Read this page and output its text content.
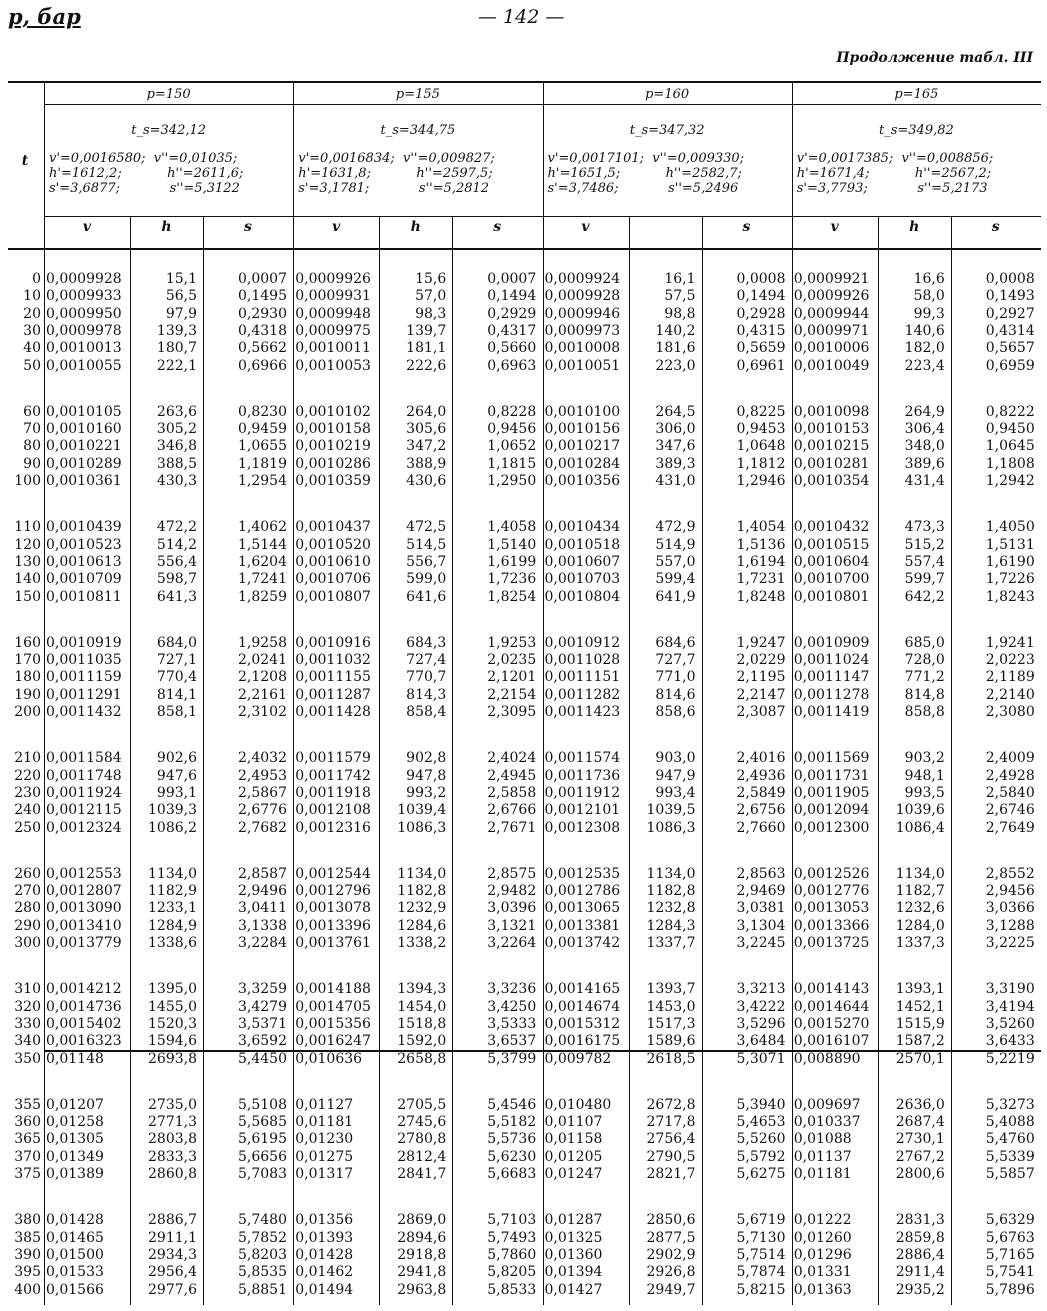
p, бар	— 142 —
Продолжение табл. III
t
p=150
t_s=342,12
v'=0,0016580;  v''=0,01035;
h'=1612,2;           h''=2611,6;
s'=3,6877;            s''=5,3122
v	h	s
p=155
t_s=344,75
v'=0,0016834;  v''=0,009827;
h'=1631,8;           h''=2597,5;
s'=3,1781;            s''=5,2812
v	h	s
p=160
t_s=347,32
v'=0,0017101;  v''=0,009330;
h'=1651,5;           h''=2582,7;
s'=3,7486;            s''=5,2496
v	s
p=165
t_s=349,82
v'=0,0017385;  v''=0,008856;
h'=1671,4;           h''=2567,2;
s'=3,7793;            s''=5,2173
v	h	s
0 0,0009928	15,1	0,0007 0,0009926	15,6	0,0007 0,0009924	16,1	0,0008 0,0009921	16,6	0,0008
10 0,0009933	56,5	0,1495 0,0009931	57,0	0,1494 0,0009928	57,5	0,1494 0,0009926	58,0	0,1493
20 0,0009950	97,9	0,2930 0,0009948	98,3	0,2929 0,0009946	98,8	0,2928 0,0009944	99,3	0,2927
30 0,0009978	139,3	0,4318 0,0009975	139,7	0,4317 0,0009973	140,2	0,4315 0,0009971	140,6	0,4314
40 0,0010013	180,7	0,5662 0,0010011	181,1	0,5660 0,0010008	181,6	0,5659 0,0010006	182,0	0,5657
50 0,0010055	222,1	0,6966 0,0010053	222,6	0,6963 0,0010051	223,0	0,6961 0,0010049	223,4	0,6959
60 0,0010105	263,6	0,8230 0,0010102	264,0	0,8228 0,0010100	264,5	0,8225 0,0010098	264,9	0,8222
70 0,0010160	305,2	0,9459 0,0010158	305,6	0,9456 0,0010156	306,0	0,9453 0,0010153	306,4	0,9450
80 0,0010221	346,8	1,0655 0,0010219	347,2	1,0652 0,0010217	347,6	1,0648 0,0010215	348,0	1,0645
90 0,0010289	388,5	1,1819 0,0010286	388,9	1,1815 0,0010284	389,3	1,1812 0,0010281	389,6	1,1808
100 0,0010361	430,3	1,2954 0,0010359	430,6	1,2950 0,0010356	431,0	1,2946 0,0010354	431,4	1,2942
110 0,0010439	472,2	1,4062 0,0010437	472,5	1,4058 0,0010434	472,9	1,4054 0,0010432	473,3	1,4050
120 0,0010523	514,2	1,5144 0,0010520	514,5	1,5140 0,0010518	514,9	1,5136 0,0010515	515,2	1,5131
130 0,0010613	556,4	1,6204 0,0010610	556,7	1,6199 0,0010607	557,0	1,6194 0,0010604	557,4	1,6190
140 0,0010709	598,7	1,7241 0,0010706	599,0	1,7236 0,0010703	599,4	1,7231 0,0010700	599,7	1,7226
150 0,0010811	641,3	1,8259 0,0010807	641,6	1,8254 0,0010804	641,9	1,8248 0,0010801	642,2	1,8243
160 0,0010919	684,0	1,9258 0,0010916	684,3	1,9253 0,0010912	684,6	1,9247 0,0010909	685,0	1,9241
170 0,0011035	727,1	2,0241 0,0011032	727,4	2,0235 0,0011028	727,7	2,0229 0,0011024	728,0	2,0223
180 0,0011159	770,4	2,1208 0,0011155	770,7	2,1201 0,0011151	771,0	2,1195 0,0011147	771,2	2,1189
190 0,0011291	814,1	2,2161 0,0011287	814,3	2,2154 0,0011282	814,6	2,2147 0,0011278	814,8	2,2140
200 0,0011432	858,1	2,3102 0,0011428	858,4	2,3095 0,0011423	858,6	2,3087 0,0011419	858,8	2,3080
210 0,0011584	902,6	2,4032 0,0011579	902,8	2,4024 0,0011574	903,0	2,4016 0,0011569	903,2	2,4009
220 0,0011748	947,6	2,4953 0,0011742	947,8	2,4945 0,0011736	947,9	2,4936 0,0011731	948,1	2,4928
230 0,0011924	993,1	2,5867 0,0011918	993,2	2,5858 0,0011912	993,4	2,5849 0,0011905	993,5	2,5840
240 0,0012115	1039,3	2,6776 0,0012108	1039,4	2,6766 0,0012101	1039,5	2,6756 0,0012094	1039,6	2,6746
250 0,0012324	1086,2	2,7682 0,0012316	1086,3	2,7671 0,0012308	1086,3	2,7660 0,0012300	1086,4	2,7649
260 0,0012553	1134,0	2,8587 0,0012544	1134,0	2,8575 0,0012535	1134,0	2,8563 0,0012526	1134,0	2,8552
270 0,0012807	1182,9	2,9496 0,0012796	1182,8	2,9482 0,0012786	1182,8	2,9469 0,0012776	1182,7	2,9456
280 0,0013090	1233,1	3,0411 0,0013078	1232,9	3,0396 0,0013065	1232,8	3,0381 0,0013053	1232,6	3,0366
290 0,0013410	1284,9	3,1338 0,0013396	1284,6	3,1321 0,0013381	1284,3	3,1304 0,0013366	1284,0	3,1288
300 0,0013779	1338,6	3,2284 0,0013761	1338,2	3,2264 0,0013742	1337,7	3,2245 0,0013725	1337,3	3,2225
310 0,0014212	1395,0	3,3259 0,0014188	1394,3	3,3236 0,0014165	1393,7	3,3213 0,0014143	1393,1	3,3190
320 0,0014736	1455,0	3,4279 0,0014705	1454,0	3,4250 0,0014674	1453,0	3,4222 0,0014644	1452,1	3,4194
330 0,0015402	1520,3	3,5371 0,0015356	1518,8	3,5333 0,0015312	1517,3	3,5296 0,0015270	1515,9	3,5260
340 0,0016323	1594,6	3,6592 0,0016247	1592,0	3,6537 0,0016175	1589,6	3,6484 0,0016107	1587,2	3,6433
350 0,01148	2693,8	5,4450 0,010636	2658,8	5,3799 0,009782	2618,5	5,3071 0,008890	2570,1	5,2219
355 0,01207	2735,0	5,5108 0,01127	2705,5	5,4546 0,010480	2672,8	5,3940 0,009697	2636,0	5,3273
360 0,01258	2771,3	5,5685 0,01181	2745,6	5,5182 0,01107	2717,8	5,4653 0,010337	2687,4	5,4088
365 0,01305	2803,8	5,6195 0,01230	2780,8	5,5736 0,01158	2756,4	5,5260 0,01088	2730,1	5,4760
370 0,01349	2833,3	5,6656 0,01275	2812,4	5,6230 0,01205	2790,5	5,5792 0,01137	2767,2	5,5339
375 0,01389	2860,8	5,7083 0,01317	2841,7	5,6683 0,01247	2821,7	5,6275 0,01181	2800,6	5,5857
380 0,01428	2886,7	5,7480 0,01356	2869,0	5,7103 0,01287	2850,6	5,6719 0,01222	2831,3	5,6329
385 0,01465	2911,1	5,7852 0,01393	2894,6	5,7493 0,01325	2877,5	5,7130 0,01260	2859,8	5,6763
390 0,01500	2934,3	5,8203 0,01428	2918,8	5,7860 0,01360	2902,9	5,7514 0,01296	2886,4	5,7165
395 0,01533	2956,4	5,8535 0,01462	2941,8	5,8205 0,01394	2926,8	5,7874 0,01331	2911,4	5,7541
400 0,01566	2977,6	5,8851 0,01494	2963,8	5,8533 0,01427	2949,7	5,8215 0,01363	2935,2	5,7896
